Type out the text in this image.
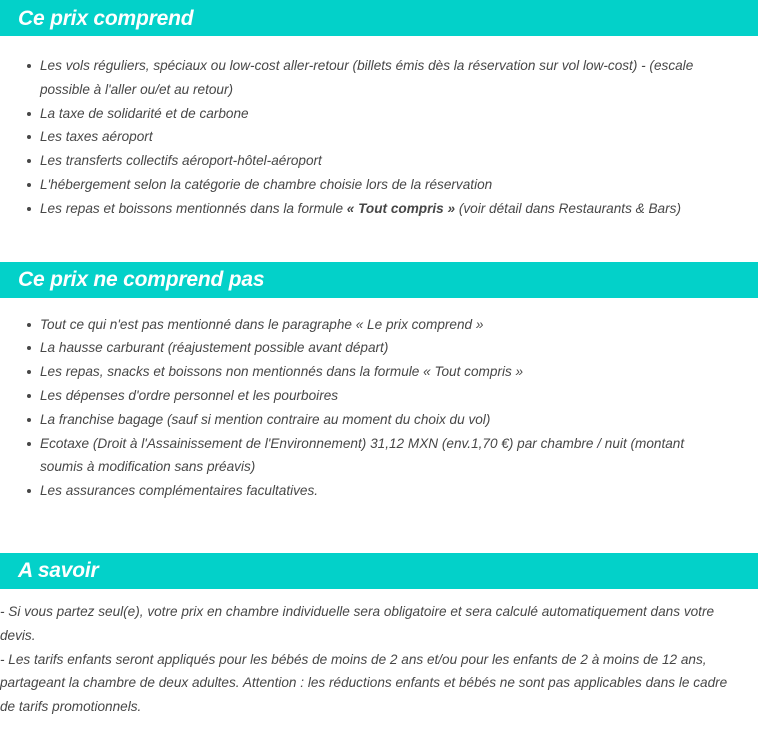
Ce prix comprend
Les vols réguliers, spéciaux ou low-cost aller-retour (billets émis dès la réservation sur vol low-cost) - (escale possible à l'aller ou/et au retour)
La taxe de solidarité et de carbone
Les taxes aéroport
Les transferts collectifs aéroport-hôtel-aéroport
L'hébergement selon la catégorie de chambre choisie lors de la réservation
Les repas et boissons mentionnés dans la formule « Tout compris » (voir détail dans Restaurants & Bars)
Ce prix ne comprend pas
Tout ce qui n'est pas mentionné dans le paragraphe « Le prix comprend »
La hausse carburant (réajustement possible avant départ)
Les repas, snacks et boissons non mentionnés dans la formule « Tout compris »
Les dépenses d'ordre personnel et les pourboires
La franchise bagage (sauf si mention contraire au moment du choix du vol)
Ecotaxe (Droit à l'Assainissement de l'Environnement) 31,12 MXN (env.1,70 €) par chambre / nuit (montant soumis à modification sans préavis)
Les assurances complémentaires facultatives.
A savoir

- Si vous partez seul(e), votre prix en chambre individuelle sera obligatoire et sera calculé automatiquement dans votre devis.

- Les tarifs enfants seront appliqués pour les bébés de moins de 2 ans et/ou pour les enfants de 2 à moins de 12 ans, partageant la chambre de deux adultes. Attention : les réductions enfants et bébés ne sont pas applicables dans le cadre de tarifs promotionnels.
